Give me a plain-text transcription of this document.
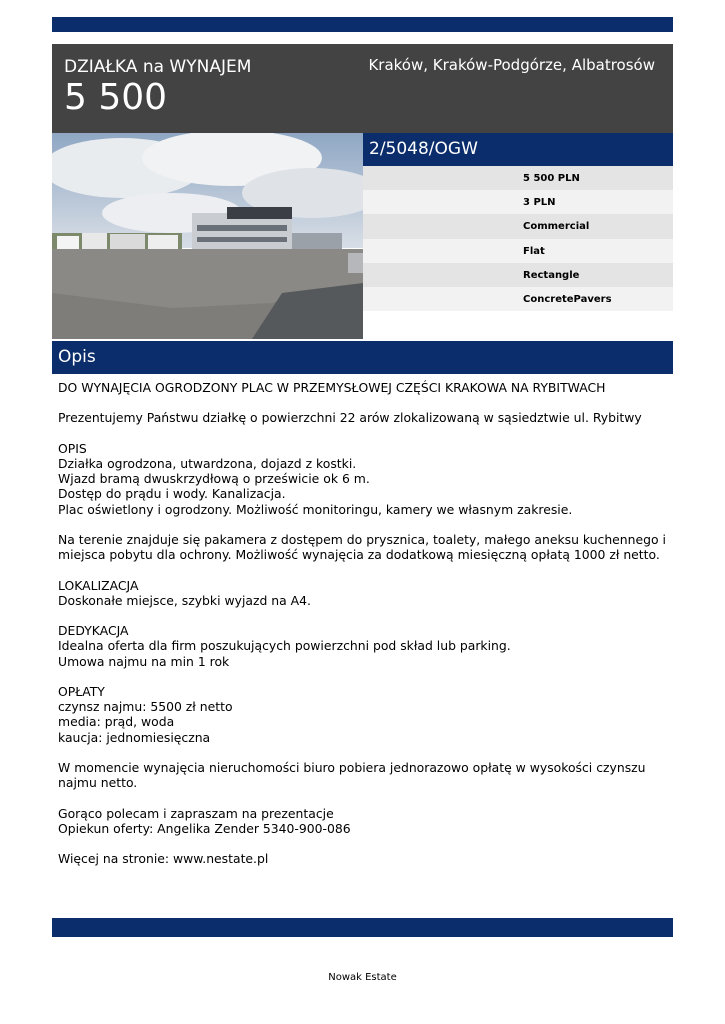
DZIAŁKA na WYNAJEM
5 500
Kraków, Kraków-Podgórze, Albatrosów
2/5048/OGW
5 500 PLN
3 PLN
Commercial
Flat
Rectangle
ConcretePavers
Opis

DO WYNAJĘCIA OGRODZONY PLAC W PRZEMYSŁOWEJ CZĘŚCI KRAKOWA NA RYBITWACH

Prezentujemy Państwu działkę o powierzchni 22 arów zlokalizowaną w sąsiedztwie ul. Rybitwy

OPIS

Działka ogrodzona, utwardzona, dojazd z kostki.

Wjazd bramą dwuskrzydłową o prześwicie ok 6 m.

Dostęp do prądu i wody. Kanalizacja.

Plac oświetlony i ogrodzony. Możliwość monitoringu, kamery we własnym zakresie.

Na terenie znajduje się pakamera z dostępem do prysznica, toalety, małego aneksu kuchennego i

miejsca pobytu dla ochrony. Możliwość wynajęcia za dodatkową miesięczną opłatą 1000 zł netto.

LOKALIZACJA

Doskonałe miejsce, szybki wyjazd na A4.

DEDYKACJA

Idealna oferta dla firm poszukujących powierzchni pod skład lub parking.

Umowa najmu na min 1 rok

OPŁATY

czynsz najmu: 5500 zł netto

media: prąd, woda

kaucja: jednomiesięczna

W momencie wynajęcia nieruchomości biuro pobiera jednorazowo opłatę w wysokości czynszu

najmu netto.

Gorąco polecam i zapraszam na prezentacje

Opiekun oferty: Angelika Zender 5340-900-086

Więcej na stronie: www.nestate.pl

Nowak Estate
